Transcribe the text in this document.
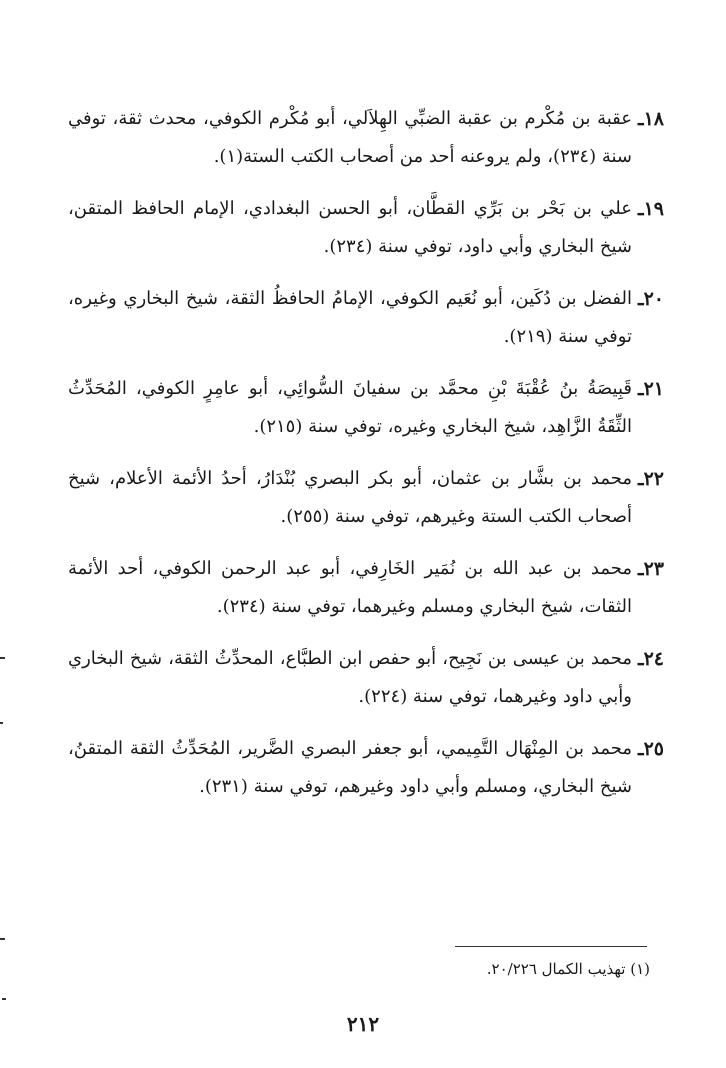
١٨ـ
عقبة بن مُكْرم بن عقبة الضبِّي الهِلاَلي، أبو مُكْرم الكوفي، محدث ثقة، توفي سنة (٢٣٤)، ولم يروعنه أحد من أصحاب الكتب الستة(١).
١٩ـ
علي بن بَحْر بن بَرِّي القطَّان، أبو الحسن البغدادي، الإمام الحافظ المتقن، شيخ البخاري وأبي داود، توفي سنة (٢٣٤).
٢٠ـ
الفضل بن دُكَين، أبو نُعَيم الكوفي، الإمامُ الحافظُ الثقة، شيخ البخاري وغيره، توفي سنة (٢١٩).
٢١ـ
قَبِيصَةُ بنُ عُقْبَةَ بْنِ محمَّد بن سفيانَ السُّوائِي، أبو عامِرٍ الكوفي، المُحَدِّثُ الثِّقَةُ الزَّاهِد، شيخ البخاري وغيره، توفي سنة (٢١٥).
٢٢ـ
محمد بن بشَّار بن عثمان، أبو بكر البصري بُنْدَارُ، أحدُ الأئمة الأعلام، شيخ أصحاب الكتب الستة وغيرهم، توفي سنة (٢٥٥).
٢٣ـ
محمد بن عبد الله بن نُمَير الخَارِفي، أبو عبد الرحمن الكوفي، أحد الأئمة الثقات، شيخ البخاري ومسلم وغيرهما، توفي سنة (٢٣٤).
٢٤ـ
محمد بن عيسى بن نَجِيح، أبو حفص ابن الطبَّاع، المحدِّثُ الثقة، شيخ البخاري وأبي داود وغيرهما، توفي سنة (٢٢٤).
٢٥ـ
محمد بن المِنْهَال التَّمِيمي، أبو جعفر البصري الضَّرير، المُحَدِّثُ الثقة المتقنُ، شيخ البخاري، ومسلم وأبي داود وغيرهم، توفي سنة (٢٣١).
(١) تهذيب الكمال ٢٠/٢٢٦.
٢١٢
